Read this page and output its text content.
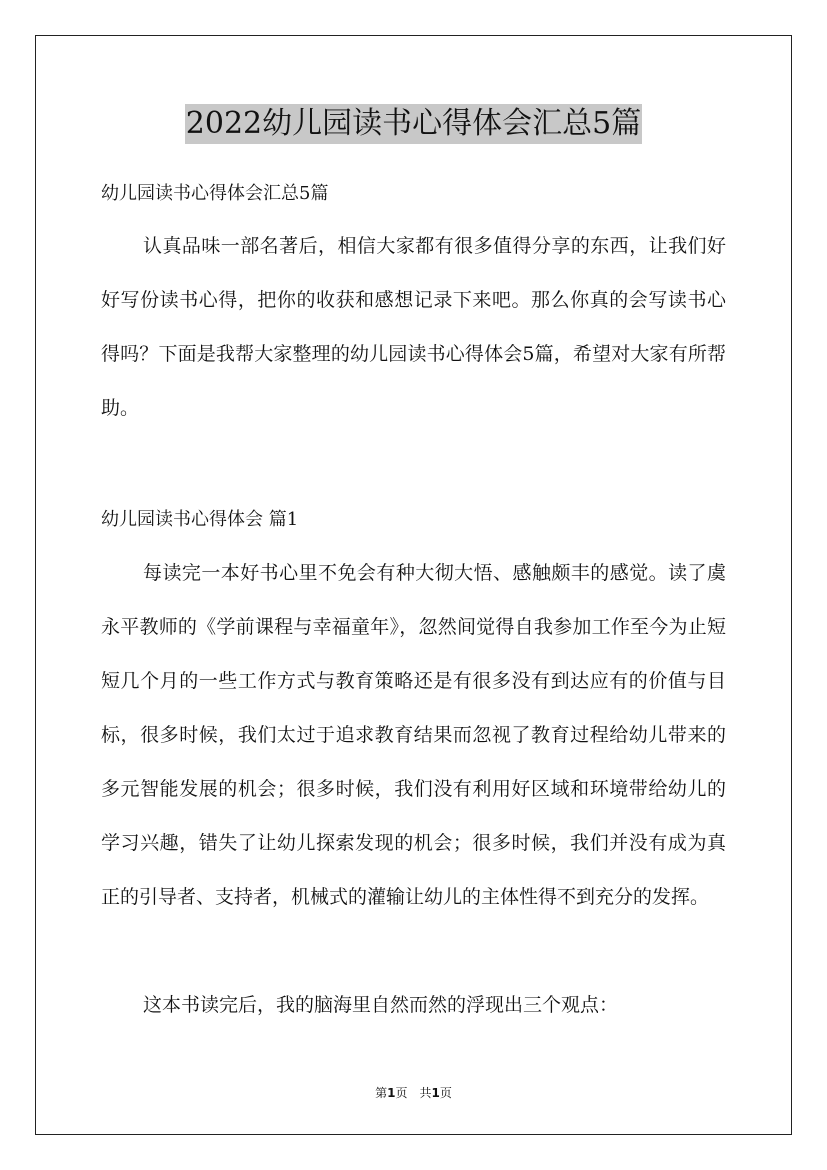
2022幼儿园读书心得体会汇总5篇
幼儿园读书心得体会汇总5篇

认真品味一部名著后，相信大家都有很多值得分享的东西，让我们好好写份读书心得，把你的收获和感想记录下来吧。那么你真的会写读书心得吗？下面是我帮大家整理的幼儿园读书心得体会5篇，希望对大家有所帮助。

幼儿园读书心得体会 篇1

每读完一本好书心里不免会有种大彻大悟、感触颇丰的感觉。读了虞永平教师的《学前课程与幸福童年》，忽然间觉得自我参加工作至今为止短短几个月的一些工作方式与教育策略还是有很多没有到达应有的价值与目标，很多时候，我们太过于追求教育结果而忽视了教育过程给幼儿带来的多元智能发展的机会；很多时候，我们没有利用好区域和环境带给幼儿的学习兴趣，错失了让幼儿探索发现的机会；很多时候，我们并没有成为真正的引导者、支持者，机械式的灌输让幼儿的主体性得不到充分的发挥。

这本书读完后，我的脑海里自然而然的浮现出三个观点：

第1页　共1页
